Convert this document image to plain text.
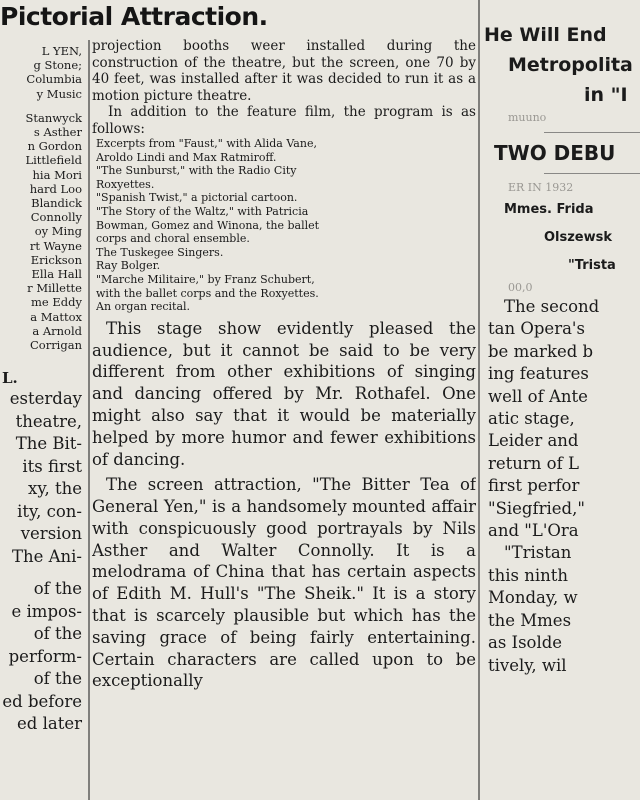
Pictorial Attraction.
L YEN,
g Stone;
Columbia
y Music
Stanwyck
s Asther
n Gordon
Littlefield
hia Mori
hard Loo
Blandick
Connolly
oy Ming
rt Wayne
Erickson
Ella Hall
r Millette
me Eddy
a Mattox
a Arnold
Corrigan
L.
esterday
theatre,
The Bit-
its first
xy, the
ity, con-
version
The Ani-
of the
e impos-
of the
perform-
of the
ed before
ed later
projection booths weer installed during the construction of the theatre, but the screen, one 70 by 40 feet, was installed after it was decided to run it as a motion picture theatre.
In addition to the feature film, the program is as follows:
Excerpts from "Faust," with Alida Vane,
Aroldo Lindi and Max Ratmiroff.
"The Sunburst," with the Radio City
Roxyettes.
"Spanish Twist," a pictorial cartoon.
"The Story of the Waltz," with Patricia
Bowman, Gomez and Winona, the ballet
corps and choral ensemble.
The Tuskegee Singers.
Ray Bolger.
"Marche Militaire," by Franz Schubert,
with the ballet corps and the Roxyettes.
An organ recital.
This stage show evidently pleased the audience, but it cannot be said to be very different from other exhibitions of singing and dancing offered by Mr. Rothafel. One might also say that it would be materially helped by more humor and fewer exhibitions of dancing.
The screen attraction, "The Bitter Tea of General Yen," is a handsomely mounted affair with conspicuously good portrayals by Nils Asther and Walter Connolly. It is a melodrama of China that has certain aspects of Edith M. Hull's "The Sheik." It is a story that is scarcely plausible but which has the saving grace of being fairly entertaining. Certain characters are called upon to be exceptionally
He Will End
Metropolita
in "I
muuno
TWO DEBU
ER IN 1932
Mmes. Frida
Olszewsk
"Trista
00,0
The second
tan Opera's
be marked b
ing features
well of Ante
atic stage,
Leider and
return of L
first perfor
"Siegfried,"
and "L'Ora
"Tristan
this ninth
Monday, w
the Mmes
as Isolde
tively, wil
